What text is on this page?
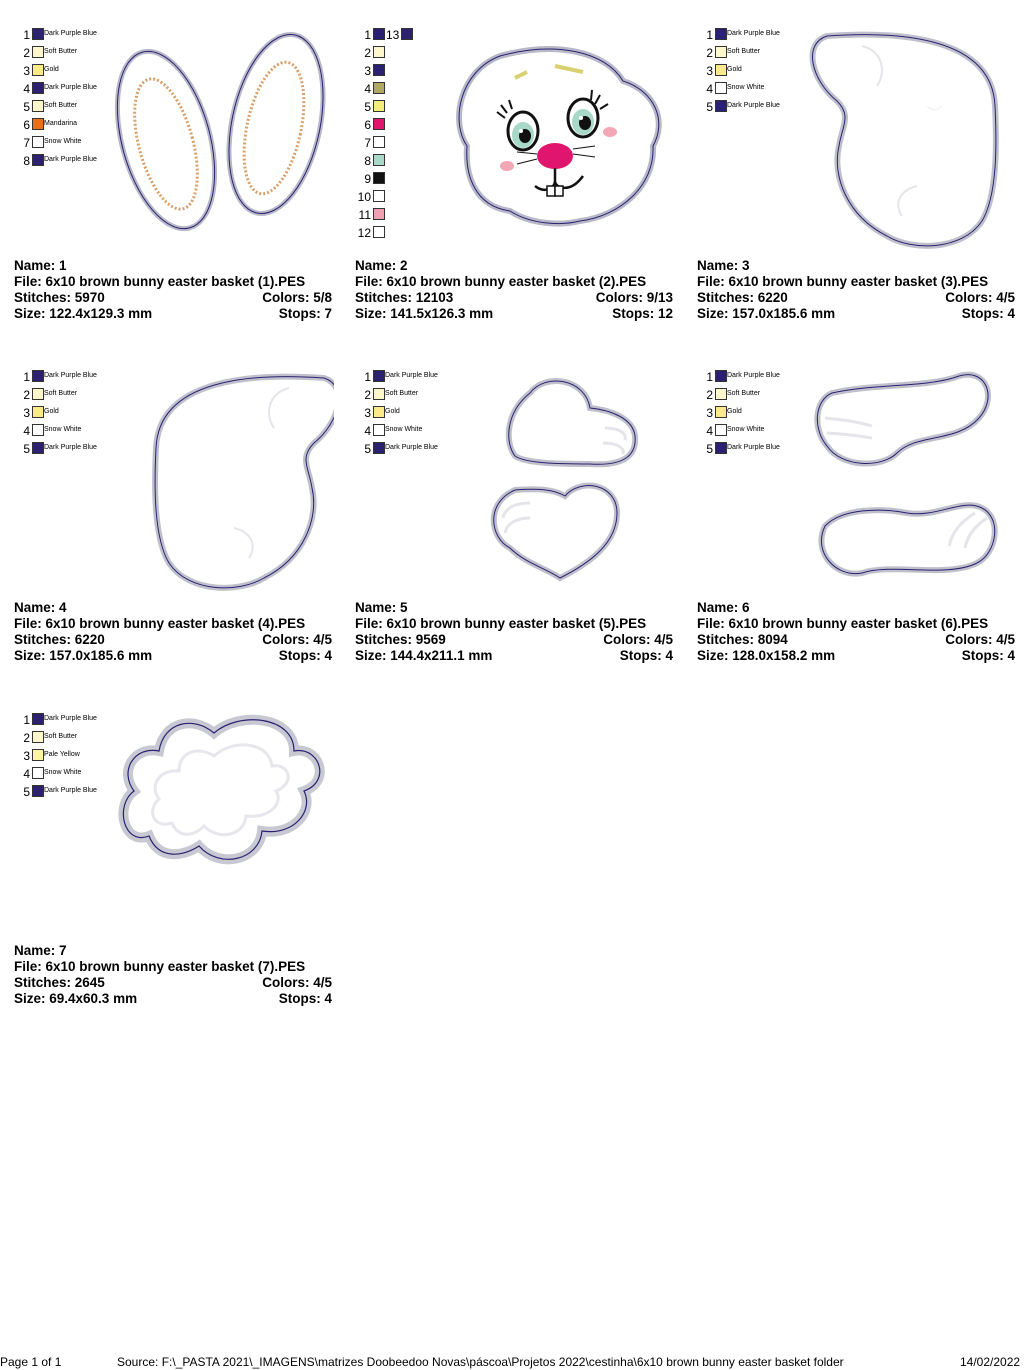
1 Dark Purple Blue
2 Soft Butter
3 Gold
4 Dark Purple Blue
5 Soft Butter
6 Mandarina
7 Snow White
8 Dark Purple Blue
Name: 1
File: 6x10 brown bunny easter basket (1).PES
Stitches: 5970	Colors: 5/8
Size: 122.4x129.3 mm	Stops: 7
1 13
2
3
4
5
6
7
8
9
10
11
12
Name: 2
File: 6x10 brown bunny easter basket (2).PES
Stitches: 12103	Colors: 9/13
Size: 141.5x126.3 mm	Stops: 12
1 Dark Purple Blue
2 Soft Butter
3 Gold
4 Snow White
5 Dark Purple Blue
Name: 3
File: 6x10 brown bunny easter basket (3).PES
Stitches: 6220	Colors: 4/5
Size: 157.0x185.6 mm	Stops: 4
1 Dark Purple Blue
2 Soft Butter
3 Gold
4 Snow White
5 Dark Purple Blue
Name: 4
File: 6x10 brown bunny easter basket (4).PES
Stitches: 6220	Colors: 4/5
Size: 157.0x185.6 mm	Stops: 4
1 Dark Purple Blue
2 Soft Butter
3 Gold
4 Snow White
5 Dark Purple Blue
Name: 5
File: 6x10 brown bunny easter basket (5).PES
Stitches: 9569	Colors: 4/5
Size: 144.4x211.1 mm	Stops: 4
1 Dark Purple Blue
2 Soft Butter
3 Gold
4 Snow White
5 Dark Purple Blue
Name: 6
File: 6x10 brown bunny easter basket (6).PES
Stitches: 8094	Colors: 4/5
Size: 128.0x158.2 mm	Stops: 4
1 Dark Purple Blue
2 Soft Butter
3 Pale Yellow
4 Snow White
5 Dark Purple Blue
Name: 7
File: 6x10 brown bunny easter basket (7).PES
Stitches: 2645	Colors: 4/5
Size: 69.4x60.3 mm	Stops: 4
Page 1 of 1	Source: F:\_PASTA 2021\_IMAGENS\matrizes Doobeedoo Novas\páscoa\Projetos 2022\cestinha\6x10 brown bunny easter basket folder	14/02/2022
